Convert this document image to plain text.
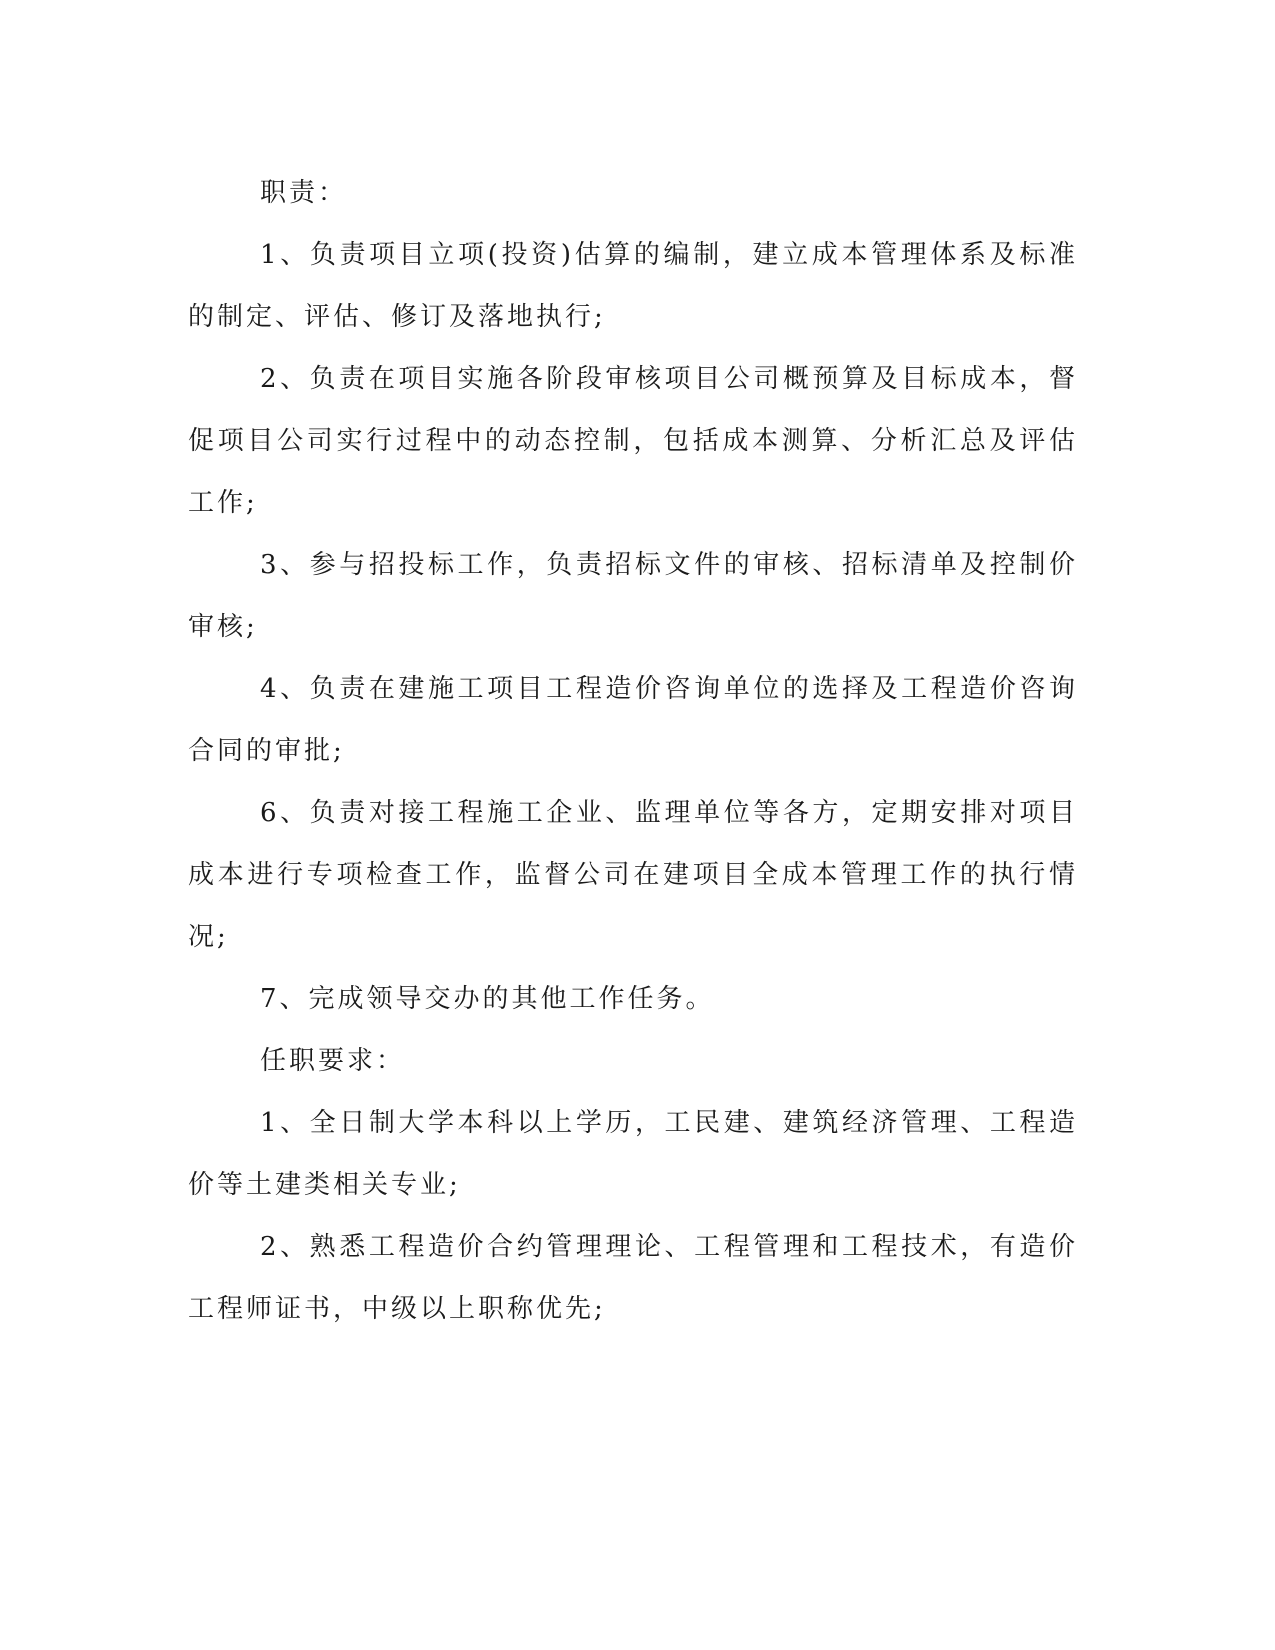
职责：

1、负责项目立项(投资)估算的编制，建立成本管理体系及标准的制定、评估、修订及落地执行;

2、负责在项目实施各阶段审核项目公司概预算及目标成本，督促项目公司实行过程中的动态控制，包括成本测算、分析汇总及评估工作;

3、参与招投标工作，负责招标文件的审核、招标清单及控制价审核;

4、负责在建施工项目工程造价咨询单位的选择及工程造价咨询合同的审批;

6、负责对接工程施工企业、监理单位等各方，定期安排对项目成本进行专项检查工作，监督公司在建项目全成本管理工作的执行情况;

7、完成领导交办的其他工作任务。

任职要求：

1、全日制大学本科以上学历，工民建、建筑经济管理、工程造价等土建类相关专业;

2、熟悉工程造价合约管理理论、工程管理和工程技术，有造价工程师证书，中级以上职称优先;
